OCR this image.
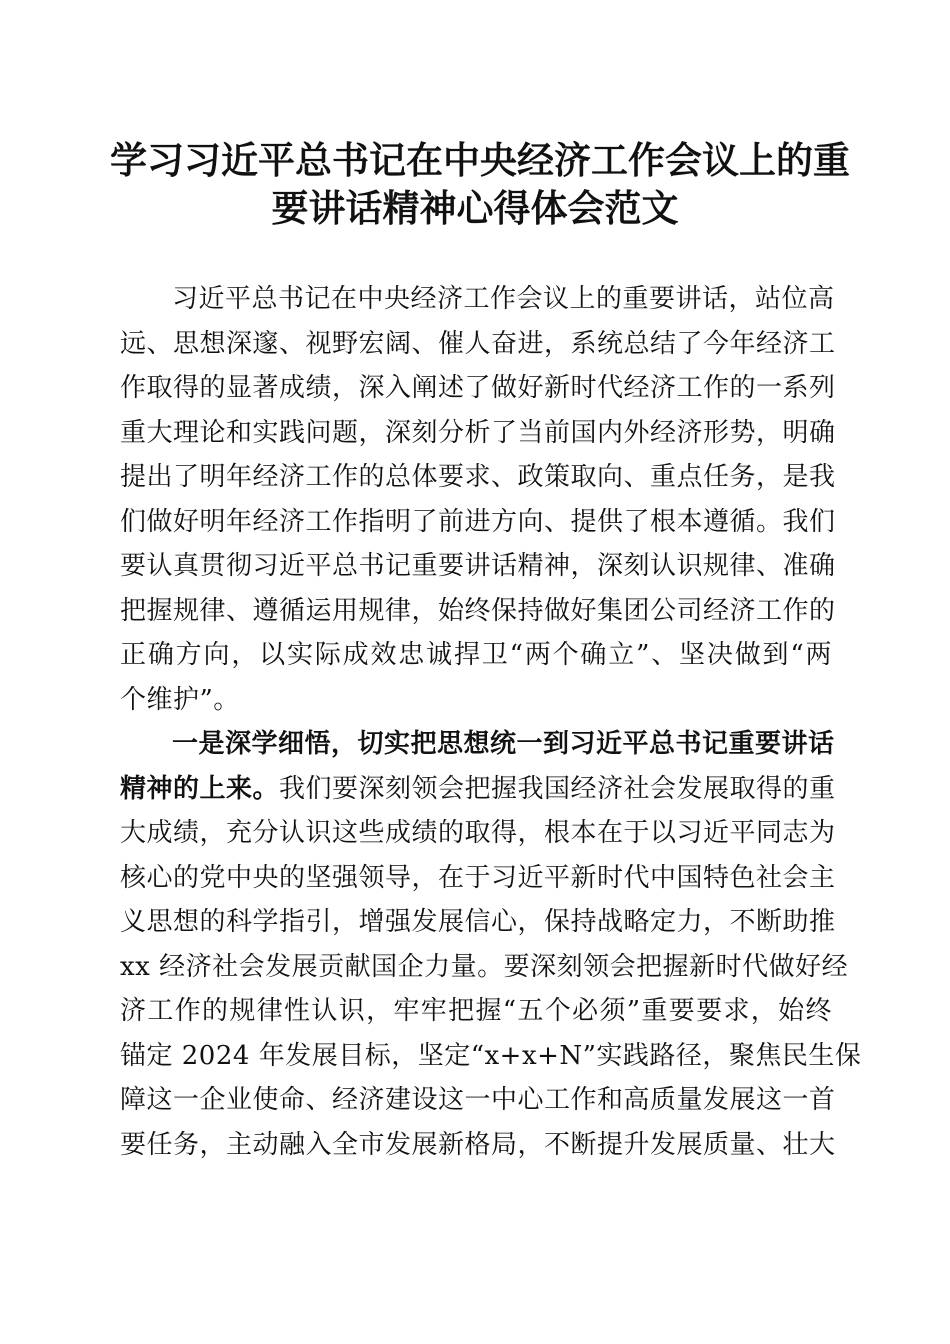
学习习近平总书记在中央经济工作会议上的重
要讲话精神心得体会范文

习近平总书记在中央经济工作会议上的重要讲话，站位高
远、思想深邃、视野宏阔、催人奋进，系统总结了今年经济工
作取得的显著成绩，深入阐述了做好新时代经济工作的一系列
重大理论和实践问题，深刻分析了当前国内外经济形势，明确
提出了明年经济工作的总体要求、政策取向、重点任务，是我
们做好明年经济工作指明了前进方向、提供了根本遵循。我们
要认真贯彻习近平总书记重要讲话精神，深刻认识规律、准确
把握规律、遵循运用规律，始终保持做好集团公司经济工作的
正确方向，以实际成效忠诚捍卫“两个确立”、坚决做到“两
个维护”。

一是深学细悟，切实把思想统一到习近平总书记重要讲话
精神的上来。我们要深刻领会把握我国经济社会发展取得的重
大成绩，充分认识这些成绩的取得，根本在于以习近平同志为
核心的党中央的坚强领导，在于习近平新时代中国特色社会主
义思想的科学指引，增强发展信心，保持战略定力，不断助推
xx 经济社会发展贡献国企力量。要深刻领会把握新时代做好经
济工作的规律性认识，牢牢把握“五个必须”重要要求，始终
锚定 2024 年发展目标，坚定“x+x+N”实践路径，聚焦民生保
障这一企业使命、经济建设这一中心工作和高质量发展这一首
要任务，主动融入全市发展新格局，不断提升发展质量、壮大
